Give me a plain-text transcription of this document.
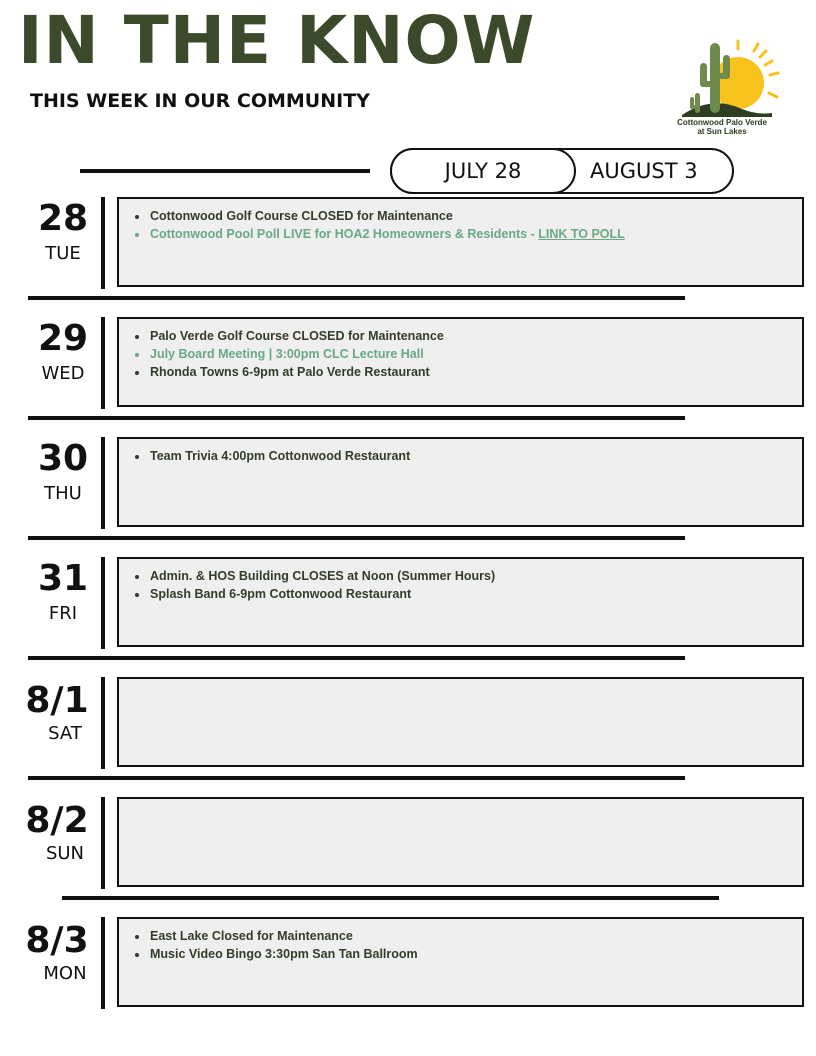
IN THE KNOW
THIS WEEK IN OUR COMMUNITY
Cottonwood Palo Verde
at Sun Lakes
JULY 28	AUGUST 3
28
TUE
• Cottonwood Golf Course CLOSED for Maintenance
• Cottonwood Pool Poll LIVE for HOA2 Homeowners & Residents - LINK TO POLL
29
WED
• Palo Verde Golf Course CLOSED for Maintenance
• July Board Meeting | 3:00pm CLC Lecture Hall
• Rhonda Towns 6-9pm at Palo Verde Restaurant
30
THU
• Team Trivia 4:00pm Cottonwood Restaurant
31
FRI
• Admin. & HOS Building CLOSES at Noon (Summer Hours)
• Splash Band 6-9pm Cottonwood Restaurant
8/1
SAT
8/2
SUN
8/3
MON
• East Lake Closed for Maintenance
• Music Video Bingo 3:30pm San Tan Ballroom
